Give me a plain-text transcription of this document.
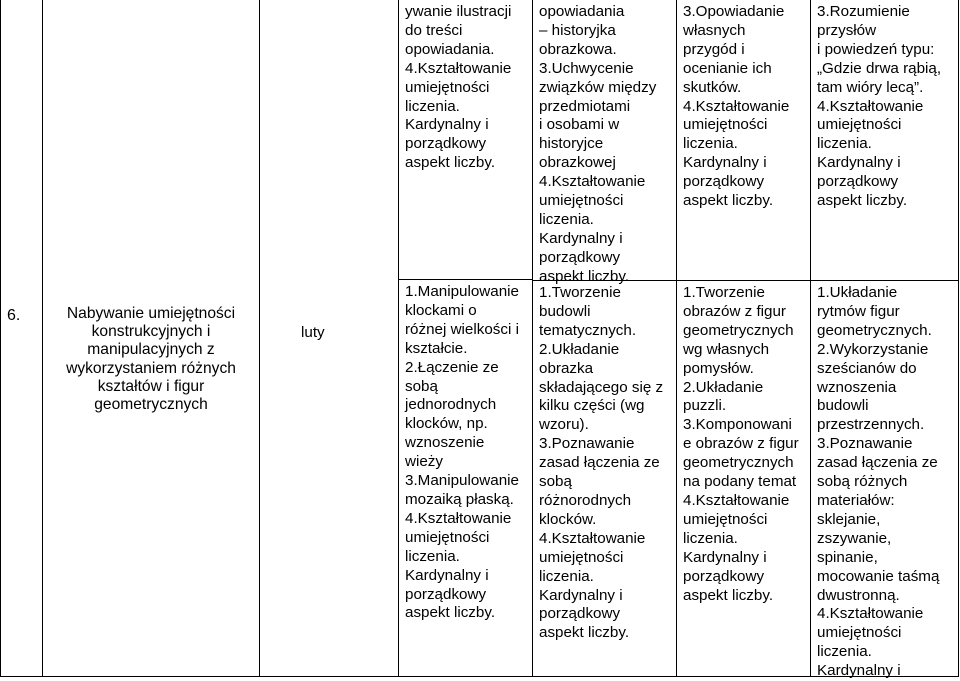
6.	Nabywanie umiejętności
konstrukcyjnych i
manipulacyjnych z
wykorzystaniem różnych
kształtów i figur
geometrycznych
luty
ywanie ilustracji
do treści
opowiadania.
4.Kształtowanie
umiejętności
liczenia.
Kardynalny i
porządkowy
aspekt liczby.
1.Manipulowanie
klockami o
różnej wielkości i
kształcie.
2.Łączenie ze
sobą
jednorodnych
klocków, np.
wznoszenie
wieży
3.Manipulowanie
mozaiką płaską.
4.Kształtowanie
umiejętności
liczenia.
Kardynalny i
porządkowy
aspekt liczby.
opowiadania
– historyjka
obrazkowa.
3.Uchwycenie
związków między
przedmiotami
i osobami w
historyjce
obrazkowej
4.Kształtowanie
umiejętności
liczenia.
Kardynalny i
porządkowy
aspekt liczby.
1.Tworzenie
budowli
tematycznych.
2.Układanie
obrazka
składającego się z
kilku części (wg
wzoru).
3.Poznawanie
zasad łączenia ze
sobą
różnorodnych
klocków.
4.Kształtowanie
umiejętności
liczenia.
Kardynalny i
porządkowy
aspekt liczby.
3.Opowiadanie
własnych
przygód i
ocenianie ich
skutków.
4.Kształtowanie
umiejętności
liczenia.
Kardynalny i
porządkowy
aspekt liczby.
1.Tworzenie
obrazów z figur
geometrycznych
wg własnych
pomysłów.
2.Układanie
puzzli.
3.Komponowani
e obrazów z figur
geometrycznych
na podany temat
4.Kształtowanie
umiejętności
liczenia.
Kardynalny i
porządkowy
aspekt liczby.
3.Rozumienie
przysłów
i powiedzeń typu:
„Gdzie drwa rąbią,
tam wióry lecą”.
4.Kształtowanie
umiejętności
liczenia.
Kardynalny i
porządkowy
aspekt liczby.
1.Układanie
rytmów figur
geometrycznych.
2.Wykorzystanie
sześcianów do
wznoszenia
budowli
przestrzennych.
3.Poznawanie
zasad łączenia ze
sobą różnych
materiałów:
sklejanie,
zszywanie,
spinanie,
mocowanie taśmą
dwustronną.
4.Kształtowanie
umiejętności
liczenia.
Kardynalny i
